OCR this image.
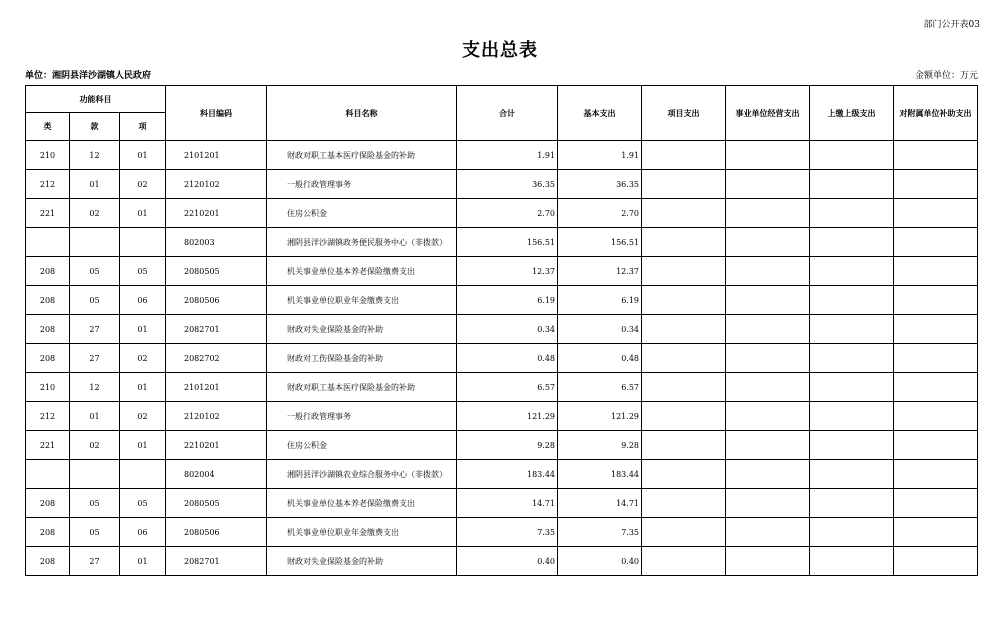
部门公开表03
支出总表
单位：湘阴县洋沙湖镇人民政府	金额单位：万元
功能科目			科目编码	科目名称	合计	基本支出	项目支出	事业单位经营支出	上缴上级支出	对附属单位补助支出
类	款	项								
210	12	01	2101201	财政对职工基本医疗保险基金的补助	1.91	1.91				
212	01	02	2120102	一般行政管理事务	36.35	36.35				
221	02	01	2210201	住房公积金	2.70	2.70				
			802003	湘阴县洋沙湖镇政务便民服务中心（非拨款）	156.51	156.51				
208	05	05	2080505	机关事业单位基本养老保险缴费支出	12.37	12.37				
208	05	06	2080506	机关事业单位职业年金缴费支出	6.19	6.19				
208	27	01	2082701	财政对失业保险基金的补助	0.34	0.34				
208	27	02	2082702	财政对工伤保险基金的补助	0.48	0.48				
210	12	01	2101201	财政对职工基本医疗保险基金的补助	6.57	6.57				
212	01	02	2120102	一般行政管理事务	121.29	121.29				
221	02	01	2210201	住房公积金	9.28	9.28				
			802004	湘阴县洋沙湖镇农业综合服务中心（非拨款）	183.44	183.44				
208	05	05	2080505	机关事业单位基本养老保险缴费支出	14.71	14.71				
208	05	06	2080506	机关事业单位职业年金缴费支出	7.35	7.35				
208	27	01	2082701	财政对失业保险基金的补助	0.40	0.40				
